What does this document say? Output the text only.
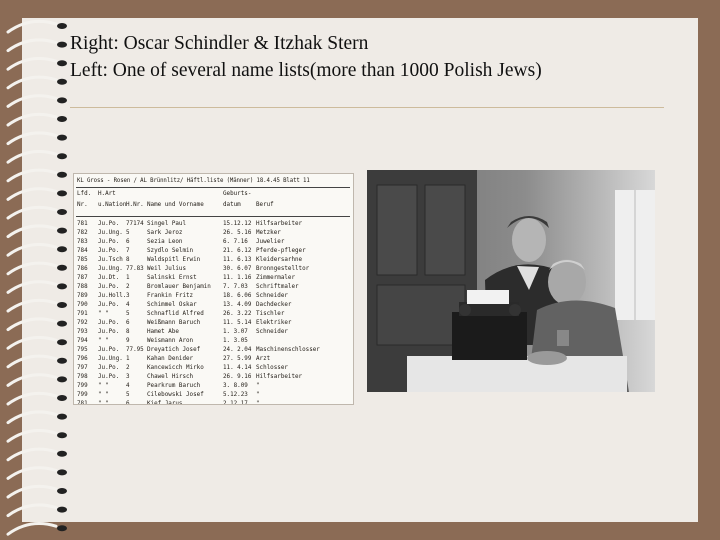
Right: Oscar Schindler & Itzhak Stern
Left: One of several name lists(more than 1000 Polish Jews)
KL Gross - Rosen / AL Brünnlitz/ Häftl.liste (Männer) 18.4.45 Blatt 11
Lfd. H.Art	Geburts-
Nr. u.Nation H.Nr. Name und Vorname	datum	Beruf
781 Ju.Po. 77174 Singel Paul	15.12.12 Hilfsarbeiter
782 Ju.Ung. 5	Sark Jeroz	26. 5.16 Metzker
783 Ju.Po. 6	Sezia Leon	6. 7.16 Juwelier
784 Ju.Po. 7	Szydlo Selmin	21. 6.12 Pferde-pfleger
785 Ju.Tsch 8	Waldspitl Erwin	11. 6.13 Kleidersarhne
786 Ju.Ung. 77.83 Weil Julius	30. 6.07 Bronngestelltor
787 Ju.Dt. 1	Salinski Ernst	11. 1.16 Zimmermaler
788 Ju.Po. 2	Bromlauer Benjamin 7. 7.03 Schriftmaler
789 Ju.Holl. 3	Frankin Fritz	18. 6.06 Schneider
790 Ju.Po. 4	Schimmel Oskar	13. 4.09 Dachdecker
791 " "	5	Schnaflid Alfred	26. 3.22 Tischler
792 Ju.Po. 6	Weißmann Baruch	11. 5.14 Elektriker
793 Ju.Po. 8	Hamet Abe	1. 3.07 Schneider
794 " "	9	Weismann Aron	1. 3.05
795 Ju.Po. 77.95 Dreyatich Josef	24. 2.04 Maschinenschlosser
796 Ju.Ung. 1	Kahan Denider	27. 5.99 Arzt
797 Ju.Po. 2	Kancewicch Mirko	11. 4.14 Schlosser
798 Ju.Po. 3	Chawel Hirsch	26. 9.16 Hilfsarbeiter
799 " "	4	Pearkrum Baruch	3. 8.09 "
799 " "	5	Cilebowski Josef	5.12.23 "
781 " "	6	Kief Jarus	2.12.17 "
